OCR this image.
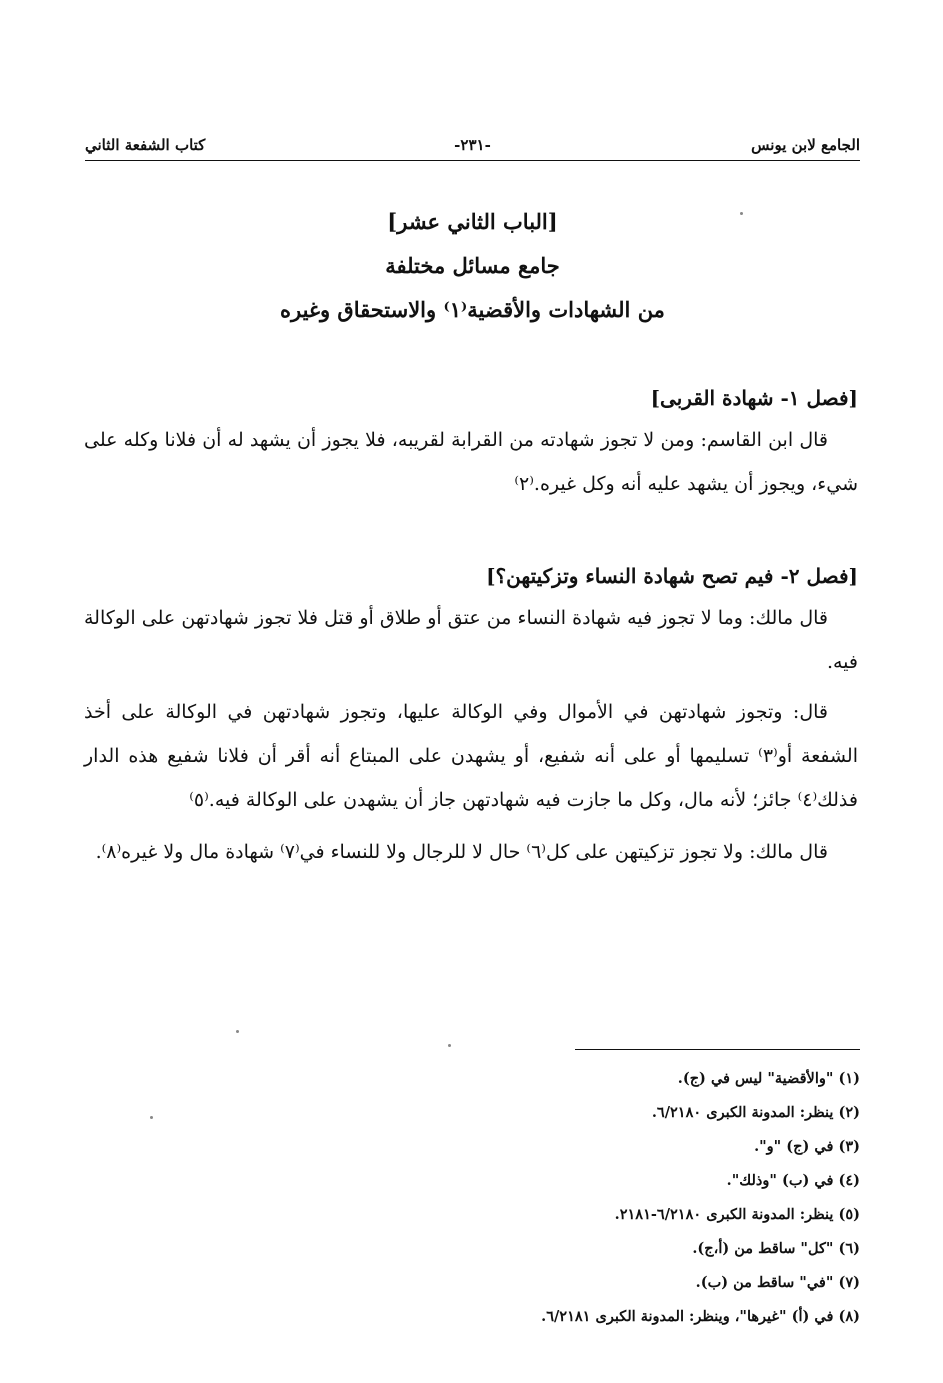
الجامع لابن يونس
-٢٣١-
كتاب الشفعة الثاني
[الباب الثاني عشر]
جامع مسائل مختلفة
من الشهادات والأقضية⁽١⁾ والاستحقاق وغيره
[فصل ١- شهادة القربى]

قال ابن القاسم: ومن لا تجوز شهادته من القرابة لقريبه، فلا يجوز أن يشهد له أن فلانا وكله على شيء، ويجوز أن يشهد عليه أنه وكل غيره.⁽٢⁾

[فصل ٢- فيم تصح شهادة النساء وتزكيتهن؟]

قال مالك: وما لا تجوز فيه شهادة النساء من عتق أو طلاق أو قتل فلا تجوز شهادتهن على الوكالة فيه.

قال: وتجوز شهادتهن في الأموال وفي الوكالة عليها، وتجوز شهادتهن في الوكالة على أخذ الشفعة أو⁽٣⁾ تسليمها أو على أنه شفيع، أو يشهدن على المبتاع أنه أقر أن فلانا شفيع هذه الدار فذلك⁽٤⁾ جائز؛ لأنه مال، وكل ما جازت فيه شهادتهن جاز أن يشهدن على الوكالة فيه.⁽٥⁾

قال مالك: ولا تجوز تزكيتهن على كل⁽٦⁾ حال لا للرجال ولا للنساء في⁽٧⁾ شهادة مال ولا غيره⁽٨⁾.

(١) "والأقضية" ليس في (ج).
(٢) ينظر: المدونة الكبرى ٦/٢١٨٠.
(٣) في (ج) "و".
(٤) في (ب) "وذلك".
(٥) ينظر: المدونة الكبرى ٦/٢١٨٠-٢١٨١.
(٦) "كل" ساقط من (أ،ج).
(٧) "في" ساقط من (ب).
(٨) في (أ) "غيرها"، وينظر: المدونة الكبرى ٦/٢١٨١.
